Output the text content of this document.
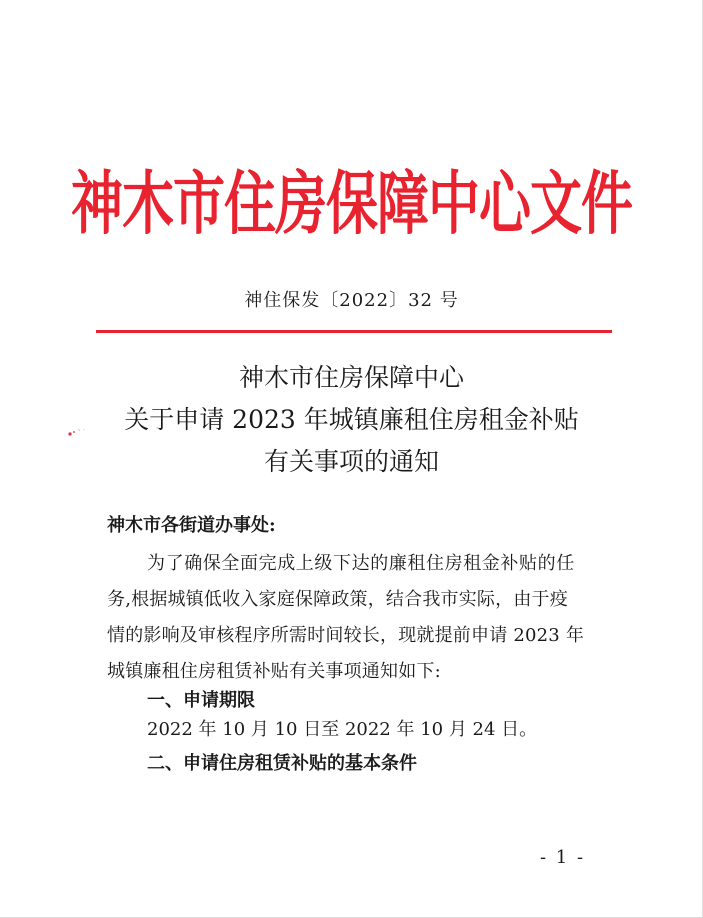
神木市住房保障中心文件
神住保发〔2022〕32 号
神木市住房保障中心
关于申请 2023 年城镇廉租住房租金补贴
有关事项的通知
神木市各街道办事处:
为了确保全面完成上级下达的廉租住房租金补贴的任
务,根据城镇低收入家庭保障政策，结合我市实际，由于疫
情的影响及审核程序所需时间较长，现就提前申请 2023 年
城镇廉租住房租赁补贴有关事项通知如下:
一、申请期限
2022 年 10 月 10 日至 2022 年 10 月 24 日。
二、申请住房租赁补贴的基本条件
- 1 -
